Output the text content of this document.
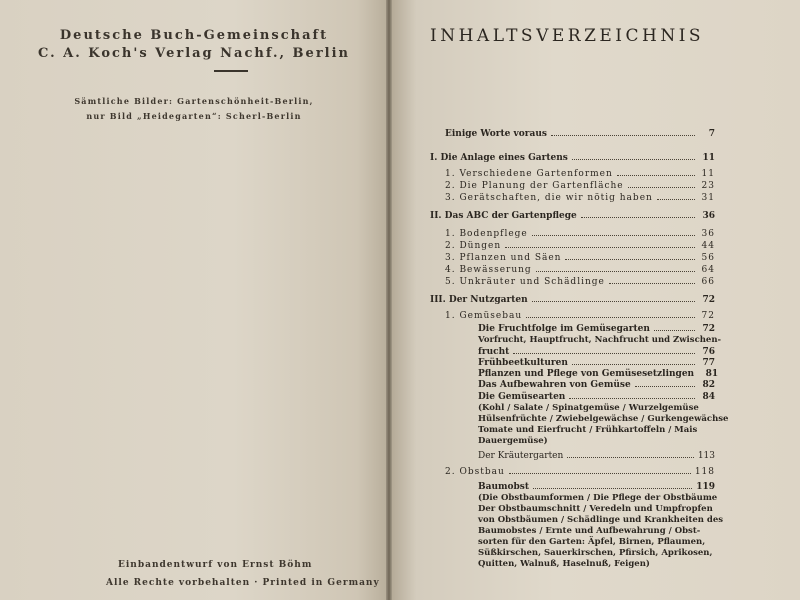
Deutsche Buch-Gemeinschaft
C. A. Koch's Verlag Nachf., Berlin
Sämtliche Bilder: Gartenschönheit-Berlin,
nur Bild „Heidegarten“: Scherl-Berlin
Einbandentwurf von Ernst Böhm
Alle Rechte vorbehalten · Printed in Germany
INHALTSVERZEICHNIS
Einige Worte voraus	7
I. Die Anlage eines Gartens	11
1. Verschiedene Gartenformen	11
2. Die Planung der Gartenfläche	23
3. Gerätschaften, die wir nötig haben	31
II. Das ABC der Gartenpflege	36
1. Bodenpflege	36
2. Düngen	44
3. Pflanzen und Säen	56
4. Bewässerung	64
5. Unkräuter und Schädlinge	66
III. Der Nutzgarten	72
1. Gemüsebau	72
Die Fruchtfolge im Gemüsegarten	72
Vorfrucht, Hauptfrucht, Nachfrucht und Zwischen-
frucht	76
Frühbeetkulturen	77
Pflanzen und Pflege von Gemüsesetzlingen	81
Das Aufbewahren von Gemüse	82
Die Gemüsearten	84
(Kohl / Salate / Spinatgemüse / Wurzelgemüse
Hülsenfrüchte / Zwiebelgewächse / Gurkengewächse
Tomate und Eierfrucht / Frühkartoffeln / Mais
Dauergemüse)
Der Kräutergarten	113
2. Obstbau	118
Baumobst	119
(Die Obstbaumformen / Die Pflege der Obstbäume
Der Obstbaumschnitt / Veredeln und Umpfropfen
von Obstbäumen / Schädlinge und Krankheiten des
Baumobstes / Ernte und Aufbewahrung / Obst-
sorten für den Garten: Äpfel, Birnen, Pflaumen,
Süßkirschen, Sauerkirschen, Pfirsich, Aprikosen,
Quitten, Walnuß, Haselnuß, Feigen)
